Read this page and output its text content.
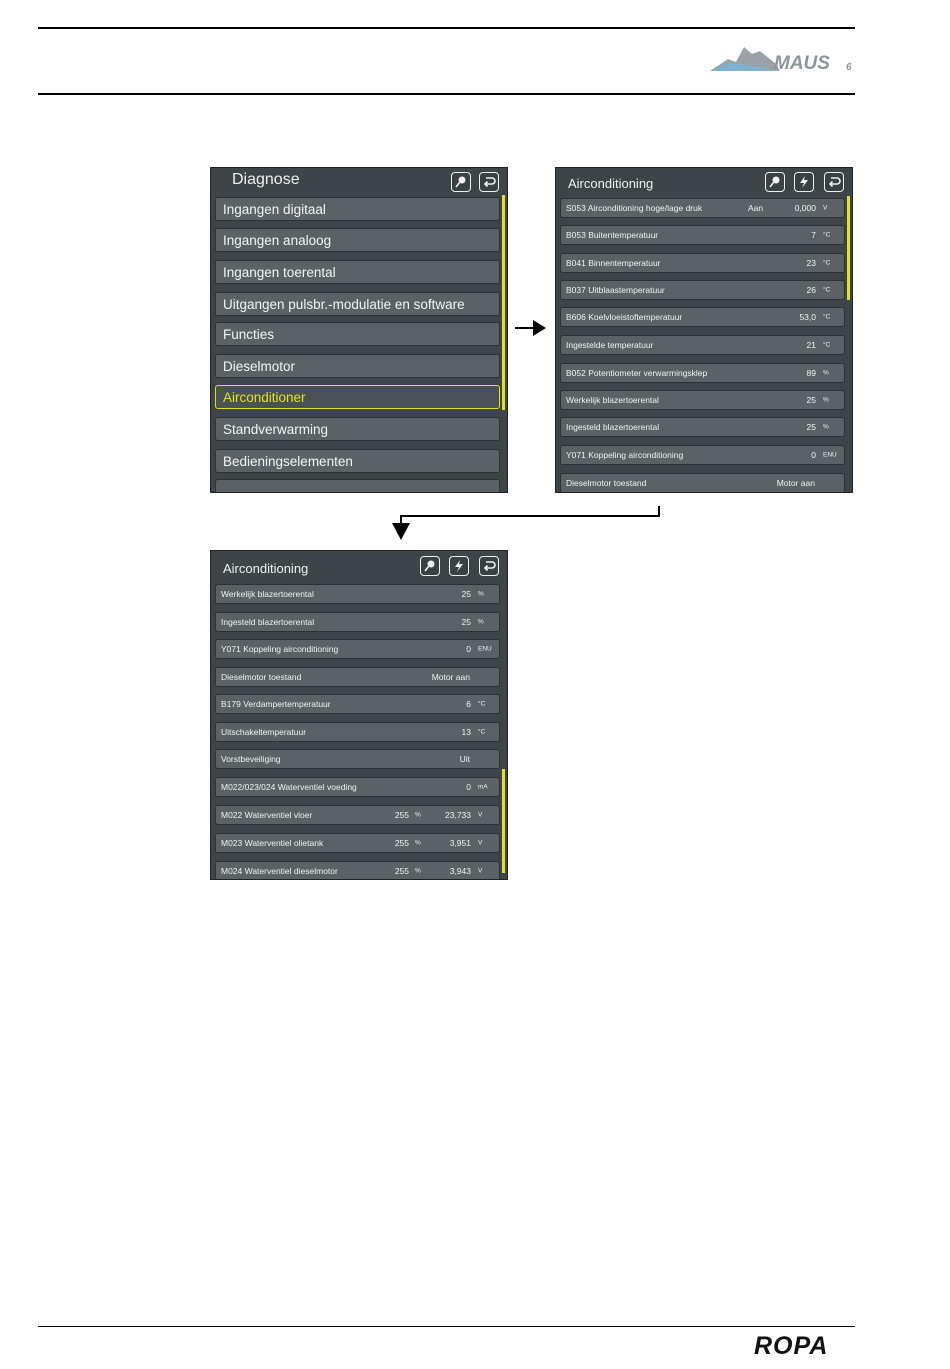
MAUS 6
ROPA
Diagnose
Ingangen digitaal
Ingangen analoog
Ingangen toerental
Uitgangen pulsbr.-modulatie en software
Functies
Dieselmotor
Airconditioner
Standverwarming
Bedieningselementen
Airconditioning
S053 Airconditioning hoge/lage druk	Aan	0,000 V
B053 Buitentemperatuur	7 °C
B041 Binnentemperatuur	23 °C
B037 Uitblaastemperatuur	26 °C
B606 Koelvloeistoftemperatuur	53,0 °C
Ingestelde temperatuur	21 °C
B052 Potentiometer verwarmingsklep	89 %
Werkelijk blazertoerental	25 %
Ingesteld blazertoerental	25 %
Y071 Koppeling airconditioning	0 ENU
Dieselmotor toestand	Motor aan
Airconditioning
Werkelijk blazertoerental	25 %
Ingesteld blazertoerental	25 %
Y071 Koppeling airconditioning	0 ENU
Dieselmotor toestand	Motor aan
B179 Verdampertemperatuur	6 °C
Uitschakeltemperatuur	13 °C
Vorstbeveiliging	Uit
M022/023/024 Waterventiel voeding	0 mA
M022 Waterventiel vloer	255 %	23,733 V
M023 Waterventiel olietank	255 %	3,951 V
M024 Waterventiel dieselmotor	255 %	3,943 V
